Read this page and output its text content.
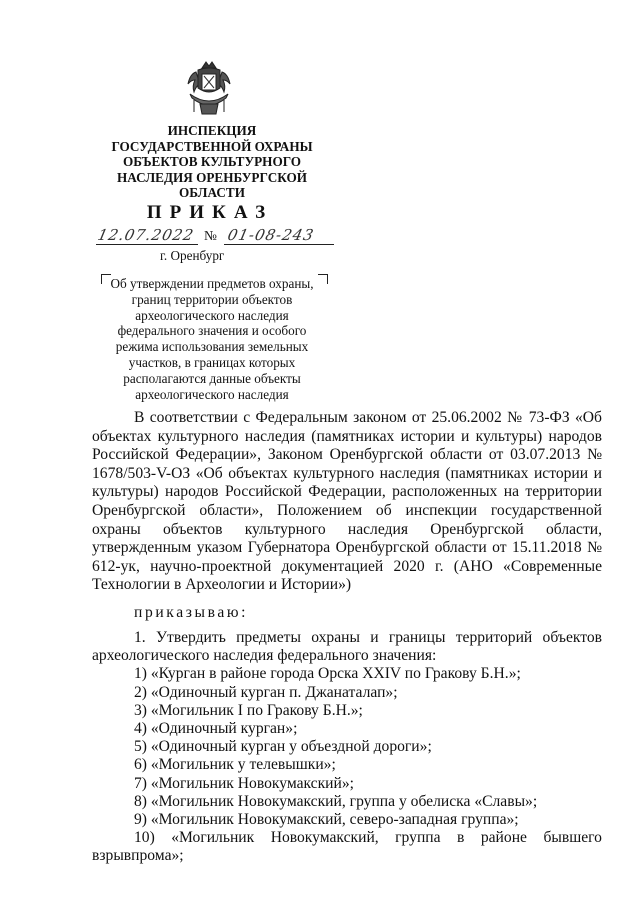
ИНСПЕКЦИЯ
ГОСУДАРСТВЕННОЙ ОХРАНЫ
ОБЪЕКТОВ КУЛЬТУРНОГО
НАСЛЕДИЯ ОРЕНБУРГСКОЙ
ОБЛАСТИ
ПРИКАЗ
12.07.2022 № 01-08-243
г. Оренбург
Об утверждении предметов охраны,
границ территории объектов
археологического наследия
федерального значения и особого
режима использования земельных
участков, в границах которых
располагаются данные объекты
археологического наследия
В соответствии с Федеральным законом от 25.06.2002 № 73-ФЗ «Об объектах культурного наследия (памятниках истории и культуры) народов Российской Федерации», Законом Оренбургской области от 03.07.2013 № 1678/503-V-ОЗ «Об объектах культурного наследия (памятниках истории и культуры) народов Российской Федерации, расположенных на территории Оренбургской области», Положением об инспекции государственной охраны объектов культурного наследия Оренбургской области, утвержденным указом Губернатора Оренбургской области от 15.11.2018 № 612-ук, научно-проектной документацией 2020 г. (АНО «Современные Технологии в Археологии и Истории»)
приказываю:
1. Утвердить предметы охраны и границы территорий объектов археологического наследия федерального значения:
1) «Курган в районе города Орска XXIV по Гракову Б.Н.»;
2) «Одиночный курган п. Джанаталап»;
3) «Могильник I по Гракову Б.Н.»;
4) «Одиночный курган»;
5) «Одиночный курган у объездной дороги»;
6) «Могильник у телевышки»;
7) «Могильник Новокумакский»;
8) «Могильник Новокумакский, группа у обелиска «Славы»;
9) «Могильник Новокумакский, северо-западная группа»;
10) «Могильник Новокумакский, группа в районе бывшего
взрывпрома»;
